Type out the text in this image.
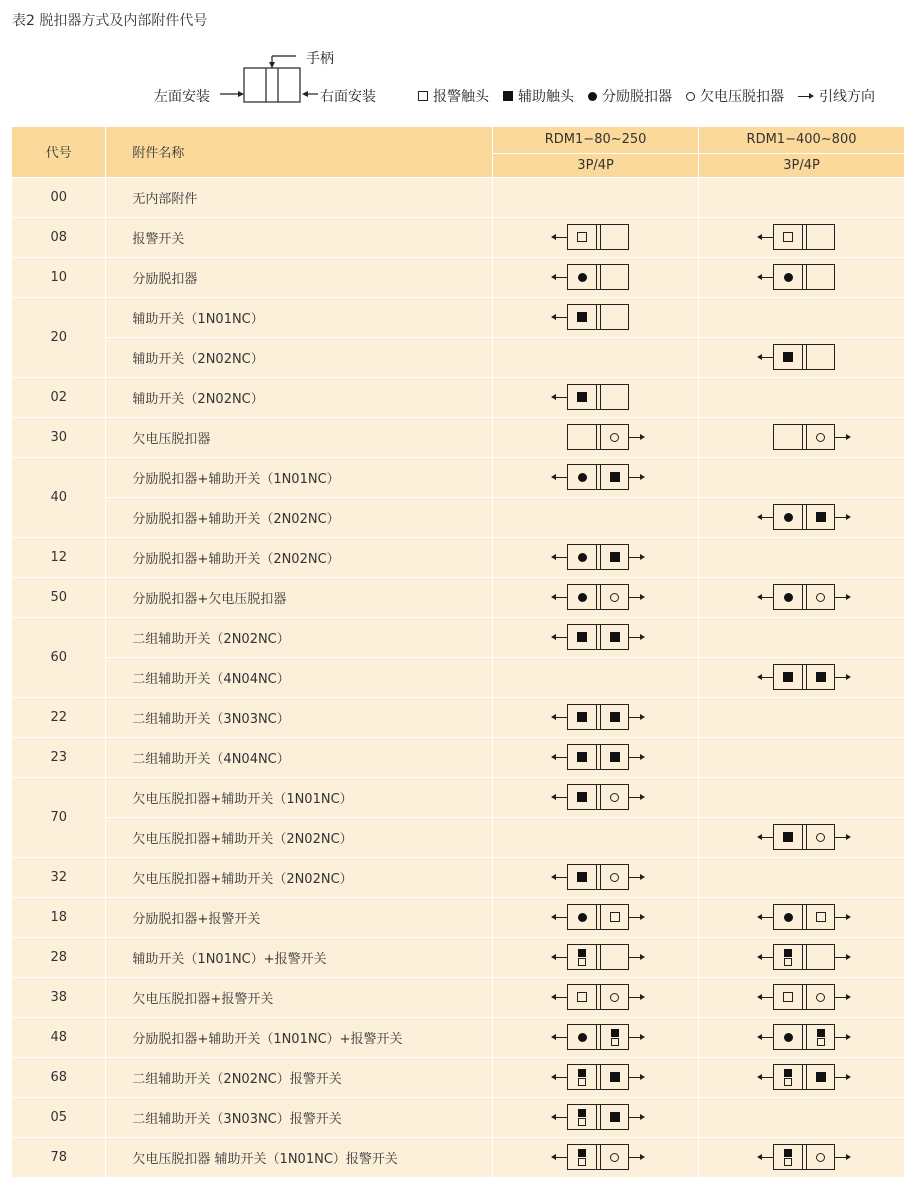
表2 脱扣器方式及内部附件代号
手柄
左面安装	右面安装	报警触头 辅助触头 分励脱扣器 欠电压脱扣器	引线方向
代号	附件名称	RDM1−80∼250	RDM1−400∼800
		3P/4P	3P/4P
00	无内部附件		
08	报警开关	

10	分励脱扣器	

20	辅助开关（1N01NC）	

	辅助开关（2N02NC）		

02	辅助开关（2N02NC）	

30	欠电压脱扣器	

40	分励脱扣器+辅助开关（1N01NC）	

	分励脱扣器+辅助开关（2N02NC）		

12	分励脱扣器+辅助开关（2N02NC）	

50	分励脱扣器+欠电压脱扣器	

60	二组辅助开关（2N02NC）	

	二组辅助开关（4N04NC）		

22	二组辅助开关（3N03NC）	

23	二组辅助开关（4N04NC）	

70	欠电压脱扣器+辅助开关（1N01NC）	

	欠电压脱扣器+辅助开关（2N02NC）		

32	欠电压脱扣器+辅助开关（2N02NC）	

18	分励脱扣器+报警开关	

28	辅助开关（1N01NC）+报警开关	

38	欠电压脱扣器+报警开关	

48	分励脱扣器+辅助开关（1N01NC）+报警开关	

68	二组辅助开关（2N02NC）报警开关	

05	二组辅助开关（3N03NC）报警开关	

78	欠电压脱扣器 辅助开关（1N01NC）报警开关	
